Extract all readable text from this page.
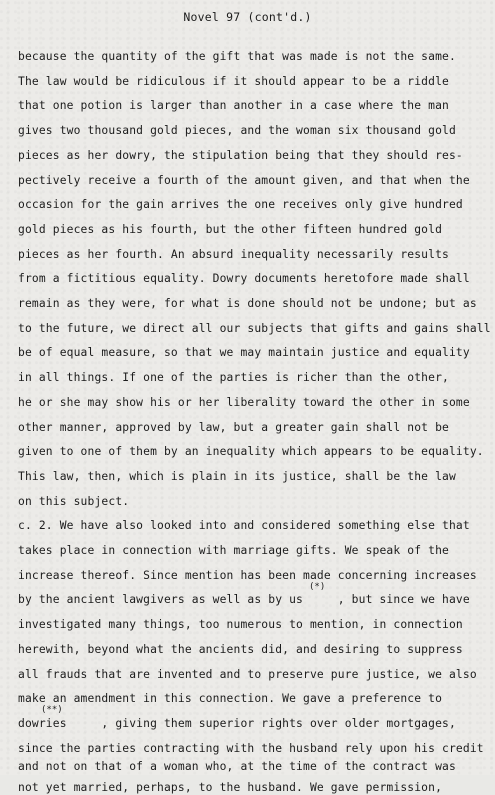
Novel 97 (cont'd.)
because the quantity of the gift that was made is not the same.
The law would be ridiculous if it should appear to be a riddle
that one potion is larger than another in a case where the man
gives two thousand gold pieces, and the woman six thousand gold
pieces as her dowry, the stipulation being that they should res-
pectively receive a fourth of the amount given, and that when the
occasion for the gain arrives the one receives only give hundred
gold pieces as his fourth, but the other fifteen hundred gold
pieces as her fourth. An absurd inequality necessarily results
from a fictitious equality. Dowry documents heretofore made shall
remain as they were, for what is done should not be undone; but as
to the future, we direct all our subjects that gifts and gains shall
be of equal measure, so that we may maintain justice and equality
in all things. If one of the parties is richer than the other,
he or she may show his or her liberality toward the other in some
other manner, approved by law, but a greater gain shall not be
given to one of them by an inequality which appears to be equality.
This law, then, which is plain in its justice, shall be the law
on this subject.
c. 2. We have also looked into and considered something else that
takes place in connection with marriage gifts. We speak of the
increase thereof. Since mention has been made concerning increases
by the ancient lawgivers as well as by us     , but since we have
investigated many things, too numerous to mention, in connection
herewith, beyond what the ancients did, and desiring to suppress
all frauds that are invented and to preserve pure justice, we also
make an amendment in this connection. We gave a preference to
dowries     , giving them superior rights over older mortgages,
since the parties contracting with the husband rely upon his credit
and not on that of a woman who, at the time of the contract was
not yet married, perhaps, to the husband. We gave permission,
(*)
(**)
